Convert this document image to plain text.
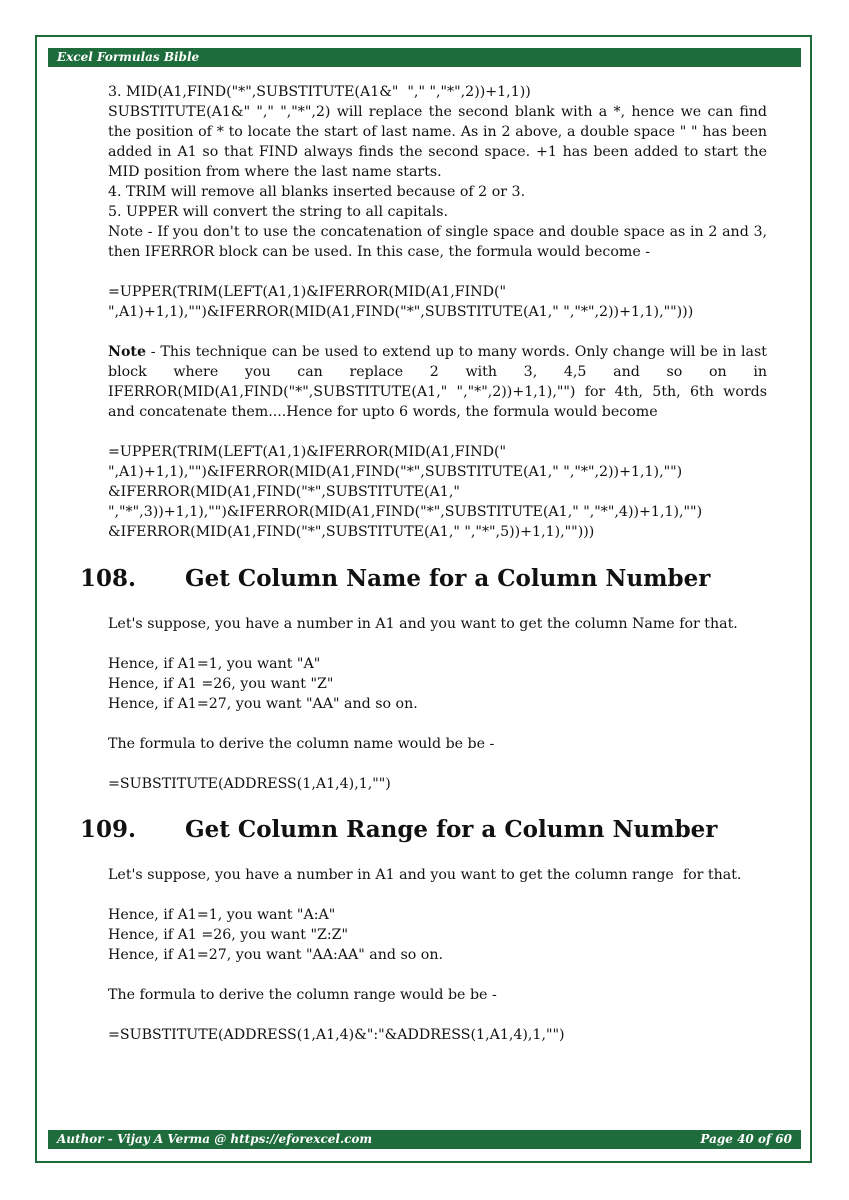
Excel Formulas Bible

3. MID(A1,FIND("*",SUBSTITUTE(A1&"  "," ","*",2))+1,1))

SUBSTITUTE(A1&" "," ","*",2) will replace the second blank with a *, hence we can find the position of * to locate the start of last name. As in 2 above, a double space " " has been added in A1 so that FIND always finds the second space. +1 has been added to start the MID position from where the last name starts.

4. TRIM will remove all blanks inserted because of 2 or 3.

5. UPPER will convert the string to all capitals.

Note - If you don't to use the concatenation of single space and double space as in 2 and 3, then IFERROR block can be used. In this case, the formula would become -

=UPPER(TRIM(LEFT(A1,1)&IFERROR(MID(A1,FIND("

",A1)+1,1),"")&IFERROR(MID(A1,FIND("*",SUBSTITUTE(A1," ","*",2))+1,1),"")))

Note - This technique can be used to extend up to many words. Only change will be in last block where you can replace 2 with 3, 4,5 and so on in IFERROR(MID(A1,FIND("*",SUBSTITUTE(A1," ","*",2))+1,1),"") for 4th, 5th, 6th words and concatenate them....Hence for upto 6 words, the formula would become

=UPPER(TRIM(LEFT(A1,1)&IFERROR(MID(A1,FIND("

",A1)+1,1),"")&IFERROR(MID(A1,FIND("*",SUBSTITUTE(A1," ","*",2))+1,1),"")

&IFERROR(MID(A1,FIND("*",SUBSTITUTE(A1,"

","*",3))+1,1),"")&IFERROR(MID(A1,FIND("*",SUBSTITUTE(A1," ","*",4))+1,1),"")

&IFERROR(MID(A1,FIND("*",SUBSTITUTE(A1," ","*",5))+1,1),"")))

108. Get Column Name for a Column Number

Let's suppose, you have a number in A1 and you want to get the column Name for that.

Hence, if A1=1, you want "A"

Hence, if A1 =26, you want "Z"

Hence, if A1=27, you want "AA" and so on.

The formula to derive the column name would be be -

=SUBSTITUTE(ADDRESS(1,A1,4),1,"")

109. Get Column Range for a Column Number

Let's suppose, you have a number in A1 and you want to get the column range  for that.

Hence, if A1=1, you want "A:A"

Hence, if A1 =26, you want "Z:Z"

Hence, if A1=27, you want "AA:AA" and so on.

The formula to derive the column range would be be -

=SUBSTITUTE(ADDRESS(1,A1,4)&":"&ADDRESS(1,A1,4),1,"")

Author - Vijay A Verma @ https://eforexcel.com	Page 40 of 60
